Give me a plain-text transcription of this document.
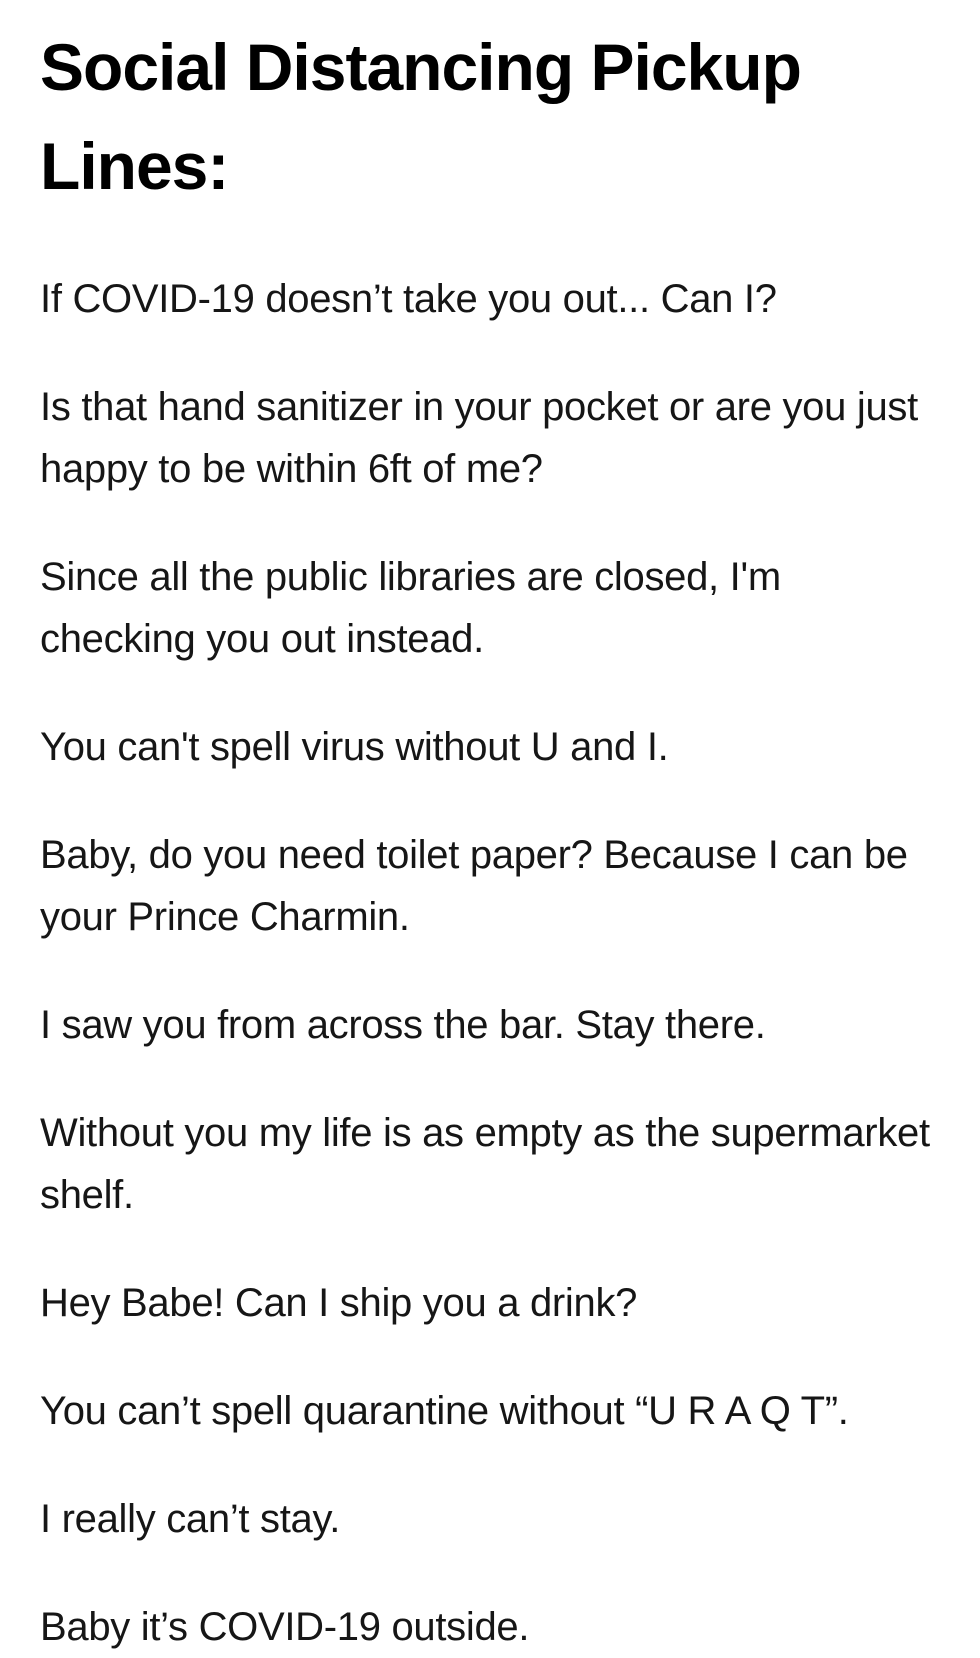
Social Distancing Pickup Lines:

If COVID-19 doesn’t take you out... Can I?

Is that hand sanitizer in your pocket or are you just happy to be within 6ft of me?

Since all the public libraries are closed, I'm checking you out instead.

You can't spell virus without U and I.

Baby, do you need toilet paper? Because I can be your Prince Charmin.

I saw you from across the bar. Stay there.

Without you my life is as empty as the supermarket shelf.

Hey Babe! Can I ship you a drink?

You can’t spell quarantine without “U R A Q T”.

I really can’t stay.

Baby it’s COVID-19 outside.
